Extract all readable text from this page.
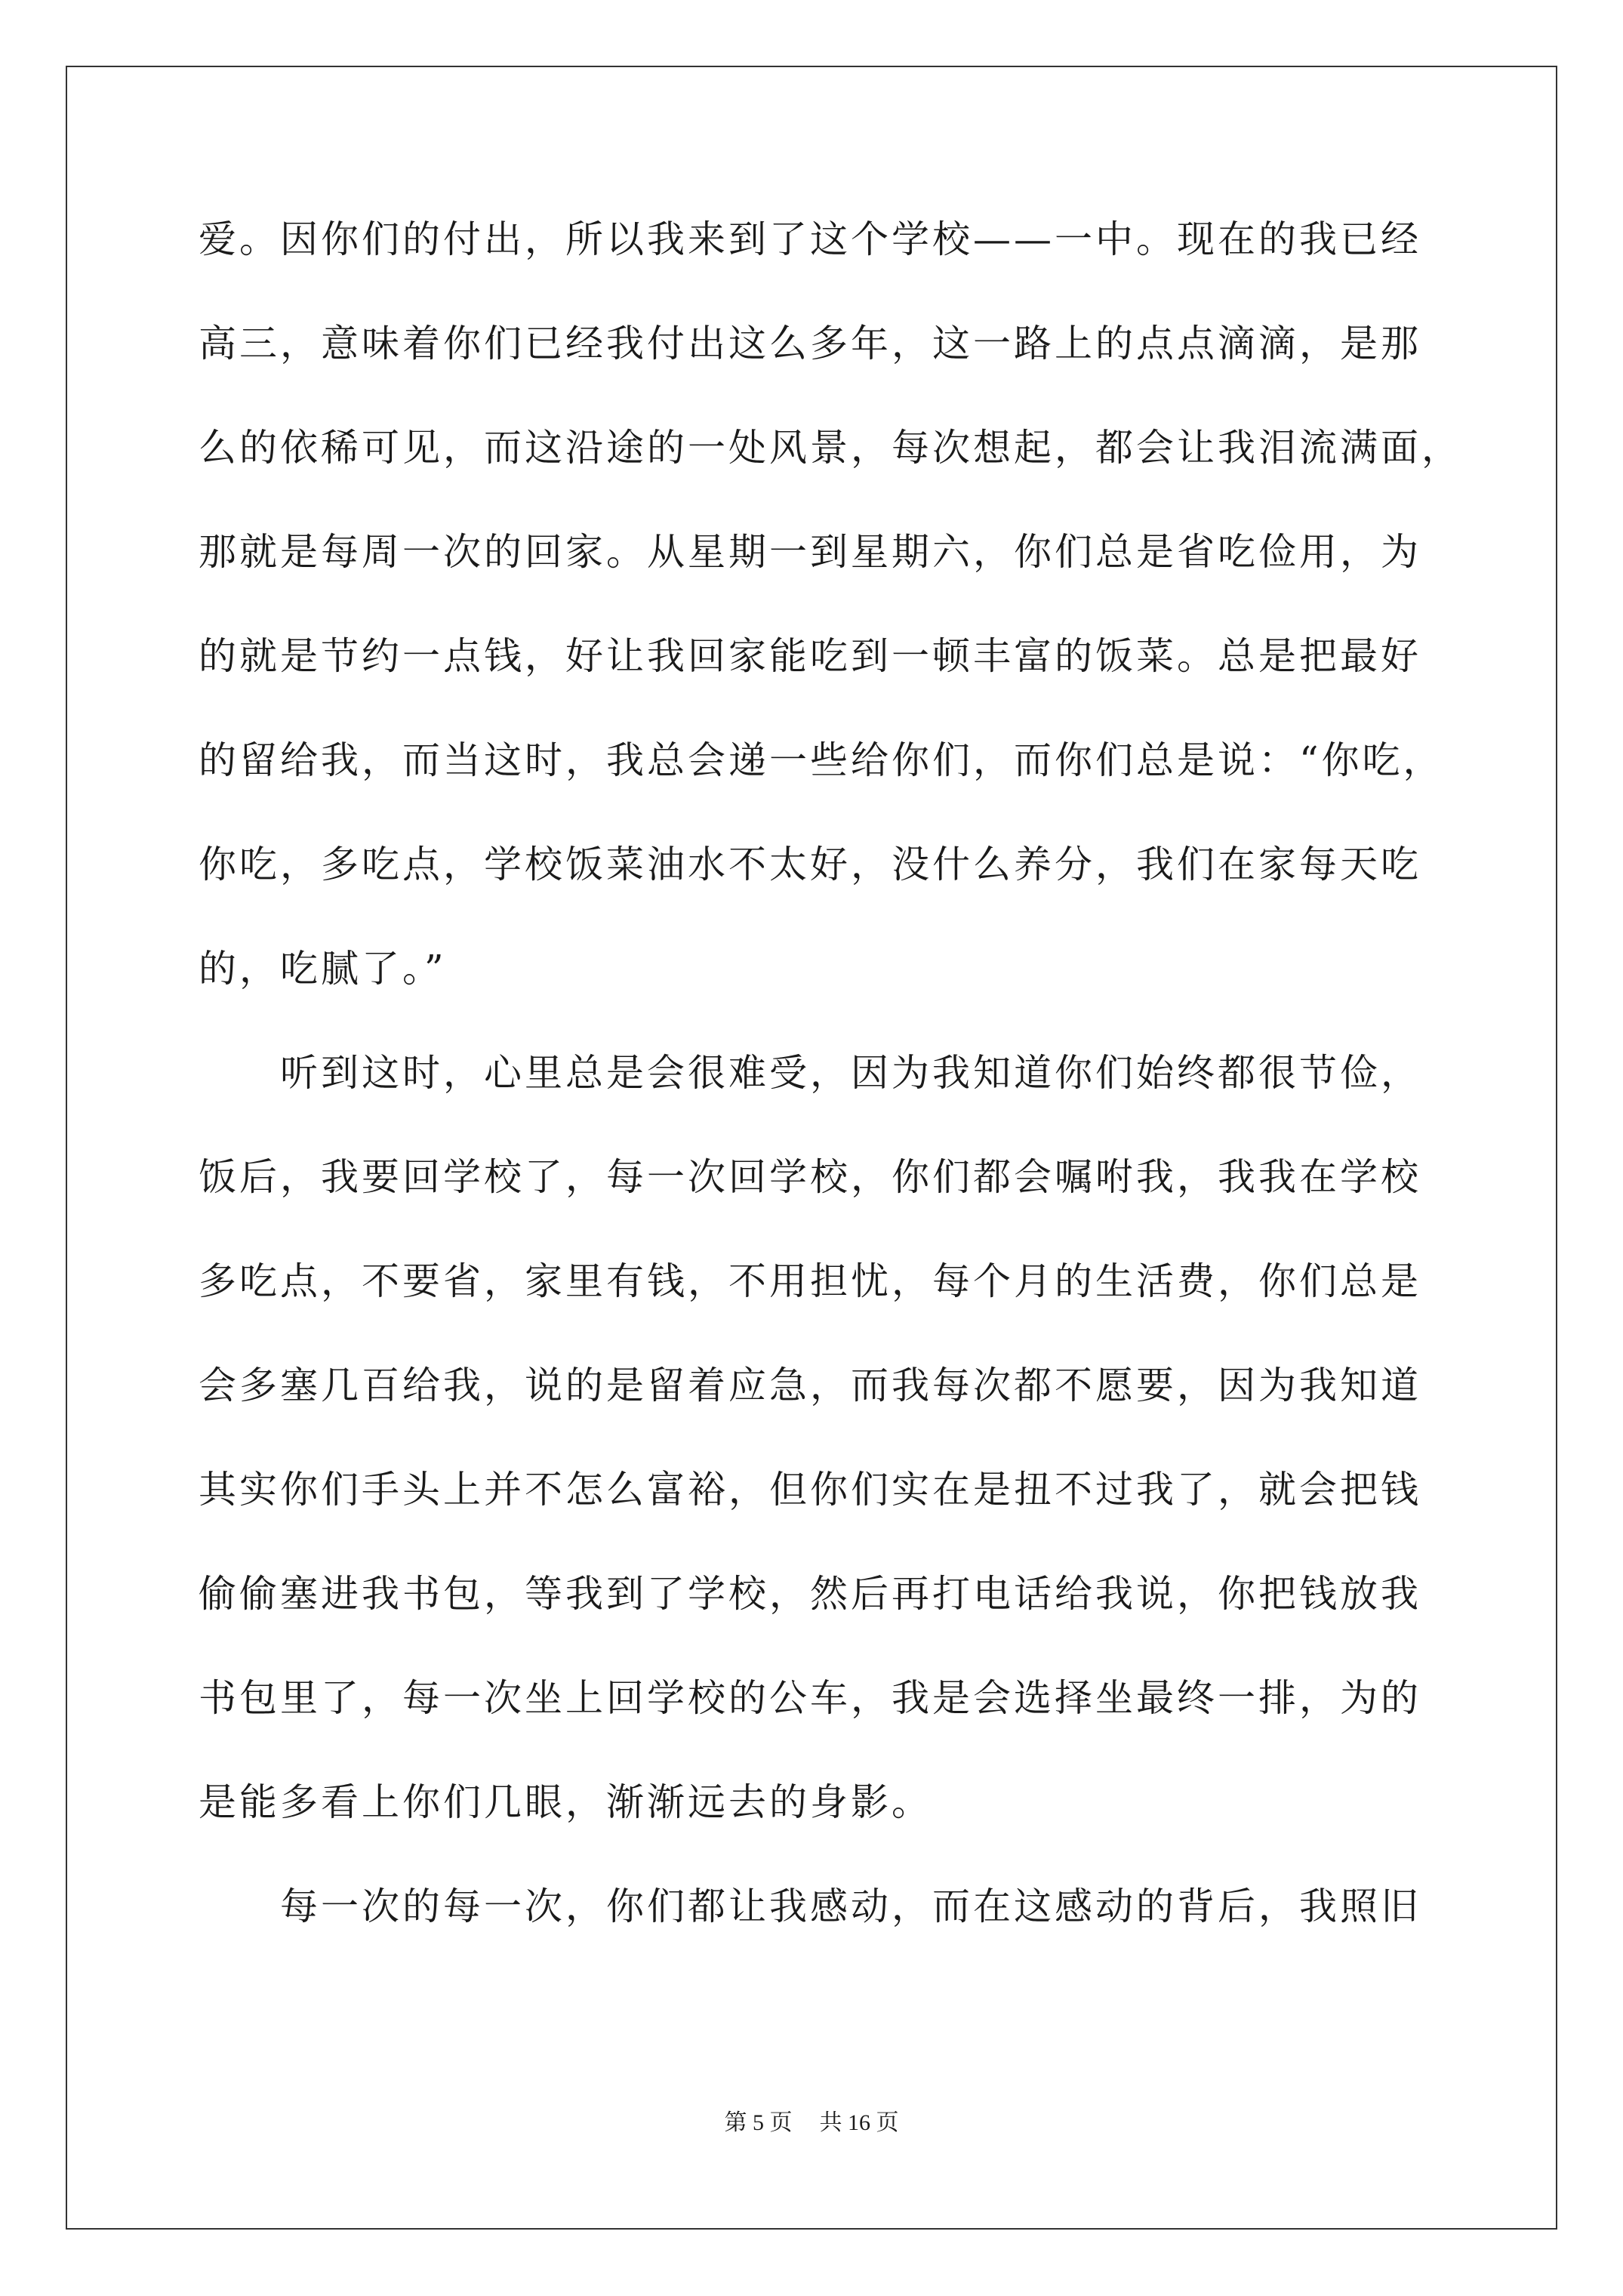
爱。因你们的付出，所以我来到了这个学校——一中。现在的我已经
高三，意味着你们已经我付出这么多年，这一路上的点点滴滴，是那
么的依稀可见，而这沿途的一处风景，每次想起，都会让我泪流满面，
那就是每周一次的回家。从星期一到星期六，你们总是省吃俭用，为
的就是节约一点钱，好让我回家能吃到一顿丰富的饭菜。总是把最好
的留给我，而当这时，我总会递一些给你们，而你们总是说：“你吃，
你吃，多吃点，学校饭菜油水不太好，没什么养分，我们在家每天吃
的，吃腻了。”
　　听到这时，心里总是会很难受，因为我知道你们始终都很节俭，
饭后，我要回学校了，每一次回学校，你们都会嘱咐我，我我在学校
多吃点，不要省，家里有钱，不用担忧，每个月的生活费，你们总是
会多塞几百给我，说的是留着应急，而我每次都不愿要，因为我知道
其实你们手头上并不怎么富裕，但你们实在是扭不过我了，就会把钱
偷偷塞进我书包，等我到了学校，然后再打电话给我说，你把钱放我
书包里了，每一次坐上回学校的公车，我是会选择坐最终一排，为的
是能多看上你们几眼，渐渐远去的身影。
　　每一次的每一次，你们都让我感动，而在这感动的背后，我照旧
第 5 页 共 16 页
